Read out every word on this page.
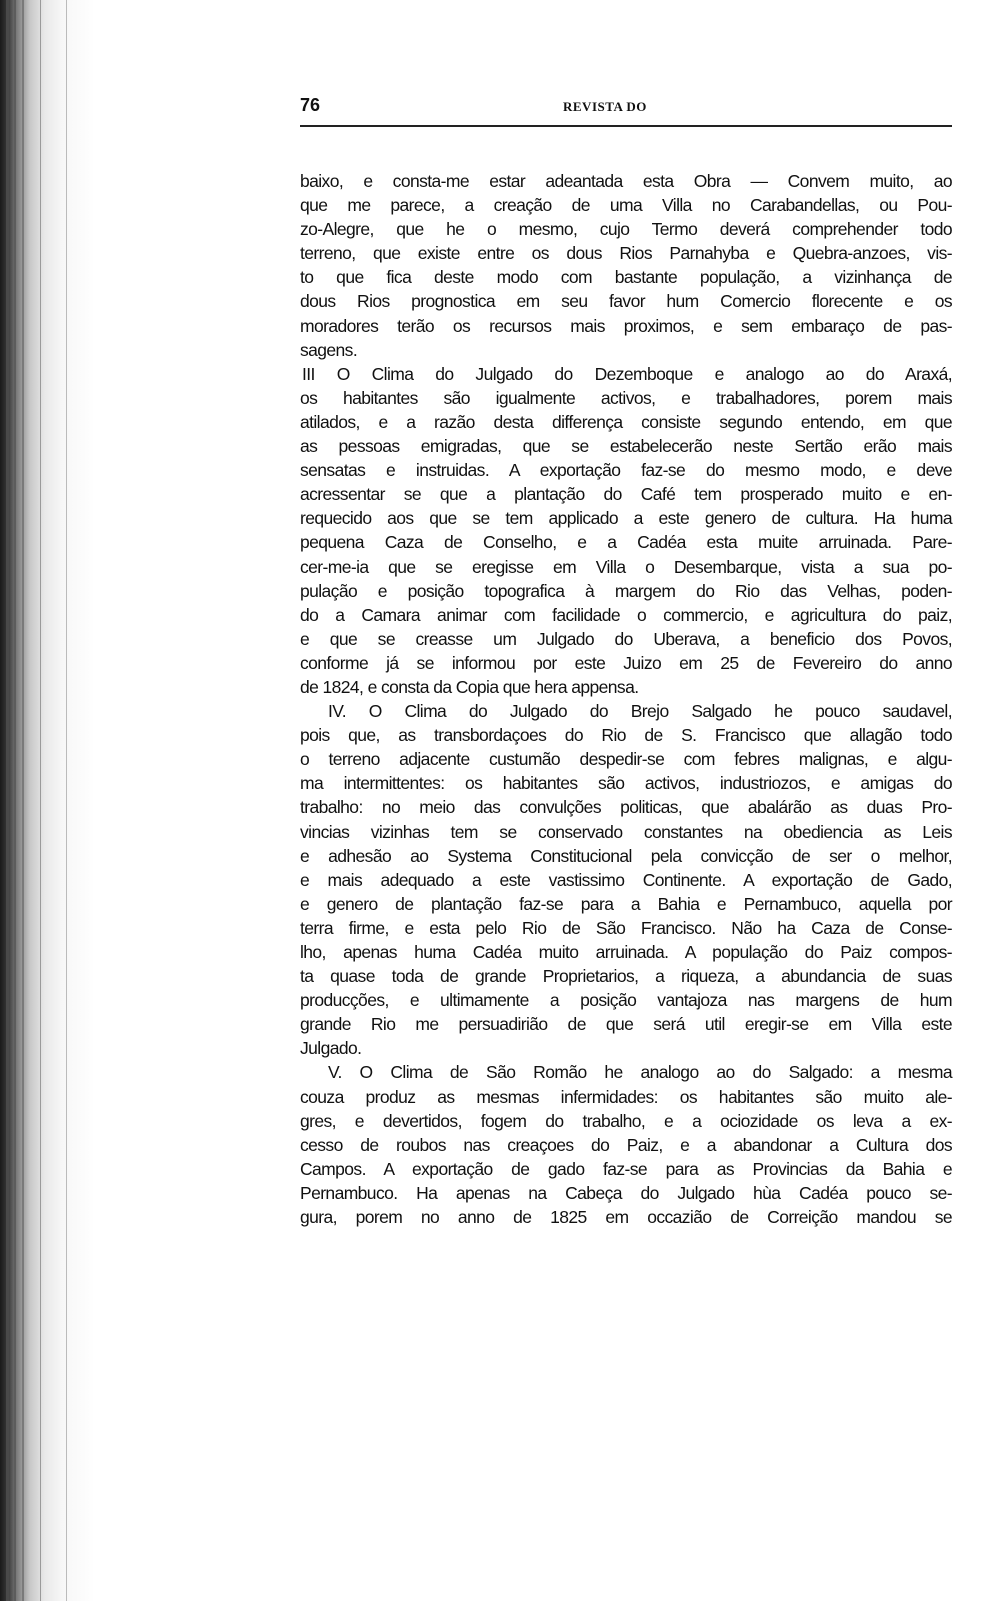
76	REVISTA DO
baixo, e consta-me estar adeantada esta Obra — Convem muito, ao
que me parece, a creação de uma Villa no Carabandellas, ou Pou-
zo-Alegre, que he o mesmo, cujo Termo deverá comprehender todo
terreno, que existe entre os dous Rios Parnahyba e Quebra-anzoes, vis-
to que fica deste modo com bastante população, a vizinhança de
dous Rios prognostica em seu favor hum Comercio florecente e os
moradores terão os recursos mais proximos, e sem embaraço de pas-
sagens.
III O Clima do Julgado do Dezemboque e analogo ao do Araxá,
os habitantes são igualmente activos, e trabalhadores, porem mais
atilados, e a razão desta differença consiste segundo entendo, em que
as pessoas emigradas, que se estabelecerão neste Sertão erão mais
sensatas e instruidas. A exportação faz-se do mesmo modo, e deve
acressentar se que a plantação do Café tem prosperado muito e en-
requecido aos que se tem applicado a este genero de cultura. Ha huma
pequena Caza de Conselho, e a Cadéa esta muite arruinada. Pare-
cer-me-ia que se eregisse em Villa o Desembarque, vista a sua po-
pulação e posição topografica à margem do Rio das Velhas, poden-
do a Camara animar com facilidade o commercio, e agricultura do paiz,
e que se creasse um Julgado do Uberava, a beneficio dos Povos,
conforme já se informou por este Juizo em 25 de Fevereiro do anno
de 1824, e consta da Copia que hera appensa.
IV. O Clima do Julgado do Brejo Salgado he pouco saudavel,
pois que, as transbordaçoes do Rio de S. Francisco que allagão todo
o terreno adjacente custumão despedir-se com febres malignas, e algu-
ma intermittentes: os habitantes são activos, industriozos, e amigas do
trabalho: no meio das convulções politicas, que abalárão as duas Pro-
vincias vizinhas tem se conservado constantes na obediencia as Leis
e adhesão ao Systema Constitucional pela convicção de ser o melhor,
e mais adequado a este vastissimo Continente. A exportação de Gado,
e genero de plantação faz-se para a Bahia e Pernambuco, aquella por
terra firme, e esta pelo Rio de São Francisco. Não ha Caza de Conse-
lho, apenas huma Cadéa muito arruinada. A população do Paiz compos-
ta quase toda de grande Proprietarios, a riqueza, a abundancia de suas
producções, e ultimamente a posição vantajoza nas margens de hum
grande Rio me persuadirião de que será util eregir-se em Villa este
Julgado.
V. O Clima de São Romão he analogo ao do Salgado: a mesma
couza produz as mesmas infermidades: os habitantes são muito ale-
gres, e devertidos, fogem do trabalho, e a ociozidade os leva a ex-
cesso de roubos nas creaçoes do Paiz, e a abandonar a Cultura dos
Campos. A exportação de gado faz-se para as Provincias da Bahia e
Pernambuco. Ha apenas na Cabeça do Julgado hùa Cadéa pouco se-
gura, porem no anno de 1825 em occazião de Correição mandou se
